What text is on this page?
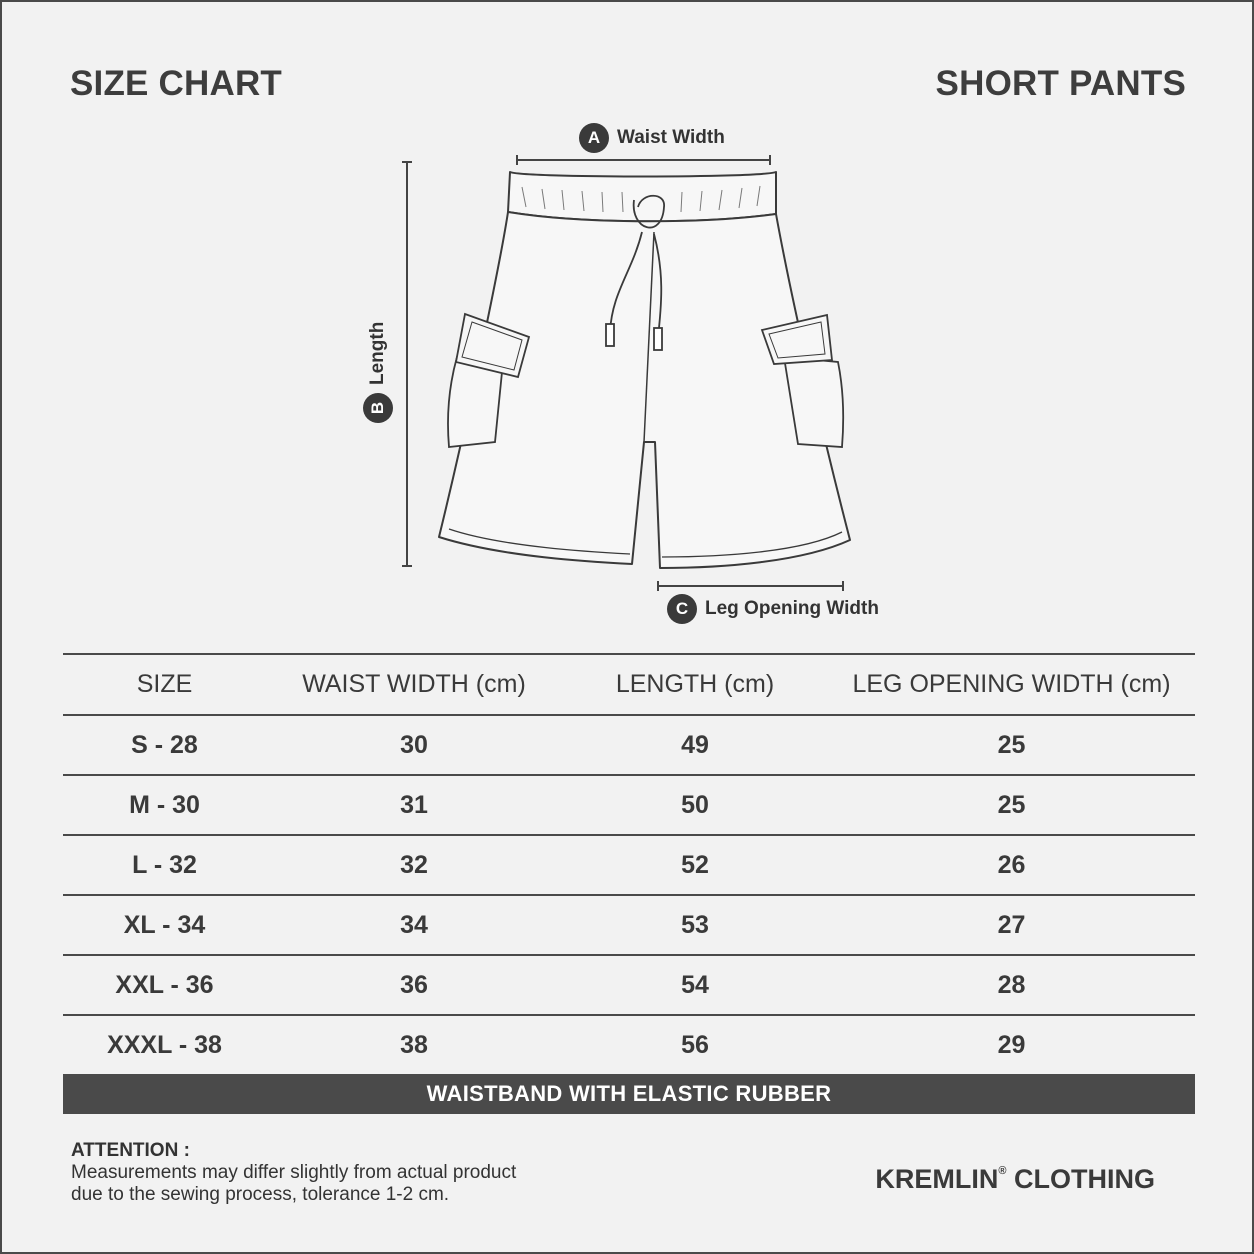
SIZE CHART	SHORT PANTS
A Waist Width
BLength
C Leg Opening Width
SIZE	WAIST WIDTH (cm)	LENGTH (cm)	LEG OPENING WIDTH (cm)
S - 28	30	49	25
M - 30	31	50	25
L - 32	32	52	26
XL - 34	34	53	27
XXL - 36	36	54	28
XXXL - 38	38	56	29
WAISTBAND WITH ELASTIC RUBBER
ATTENTION :
Measurements may differ slightly from actual product
due to the sewing process, tolerance 1-2 cm.
KREMLIN® CLOTHING
